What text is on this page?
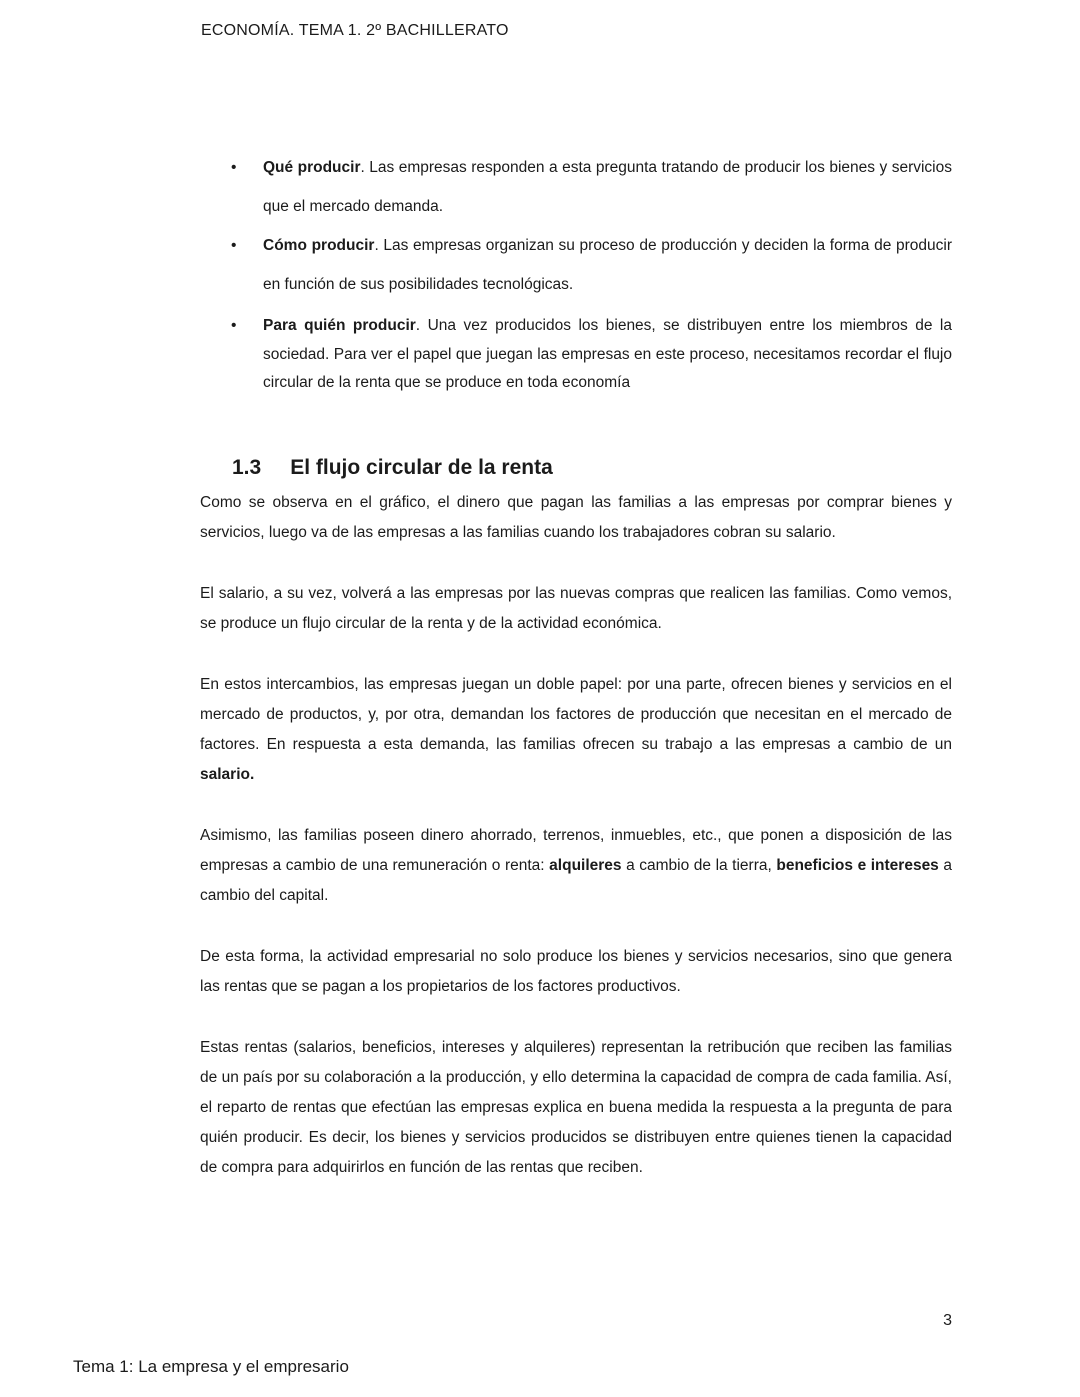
ECONOMÍA. TEMA 1. 2º BACHILLERATO
• Qué producir. Las empresas responden a esta pregunta tratando de producir los bienes y servicios que el mercado demanda.
• Cómo producir. Las empresas organizan su proceso de producción y deciden la forma de producir en función de sus posibilidades tecnológicas.
• Para quién producir. Una vez producidos los bienes, se distribuyen entre los miembros de la sociedad. Para ver el papel que juegan las empresas en este proceso, necesitamos recordar el flujo circular de la renta que se produce en toda economía
1.3 El flujo circular de la renta

Como se observa en el gráfico, el dinero que pagan las familias a las empresas por comprar bienes y servicios, luego va de las empresas a las familias cuando los trabajadores cobran su salario.

El salario, a su vez, volverá a las empresas por las nuevas compras que realicen las familias. Como vemos, se produce un flujo circular de la renta y de la actividad económica.

En estos intercambios, las empresas juegan un doble papel: por una parte, ofrecen bienes y servicios en el mercado de productos, y, por otra, demandan los factores de producción que necesitan en el mercado de factores. En respuesta a esta demanda, las familias ofrecen su trabajo a las empresas a cambio de un salario.

Asimismo, las familias poseen dinero ahorrado, terrenos, inmuebles, etc., que ponen a disposición de las empresas a cambio de una remuneración o renta: alquileres a cambio de la tierra, beneficios e intereses a cambio del capital.

De esta forma, la actividad empresarial no solo produce los bienes y servicios necesarios, sino que genera las rentas que se pagan a los propietarios de los factores productivos.

Estas rentas (salarios, beneficios, intereses y alquileres) representan la retribución que reciben las familias de un país por su colaboración a la producción, y ello determina la capacidad de compra de cada familia. Así, el reparto de rentas que efectúan las empresas explica en buena medida la respuesta a la pregunta de para quién producir. Es decir, los bienes y servicios producidos se distribuyen entre quienes tienen la capacidad de compra para adquirirlos en función de las rentas que reciben.

3
Tema 1: La empresa y el empresario
